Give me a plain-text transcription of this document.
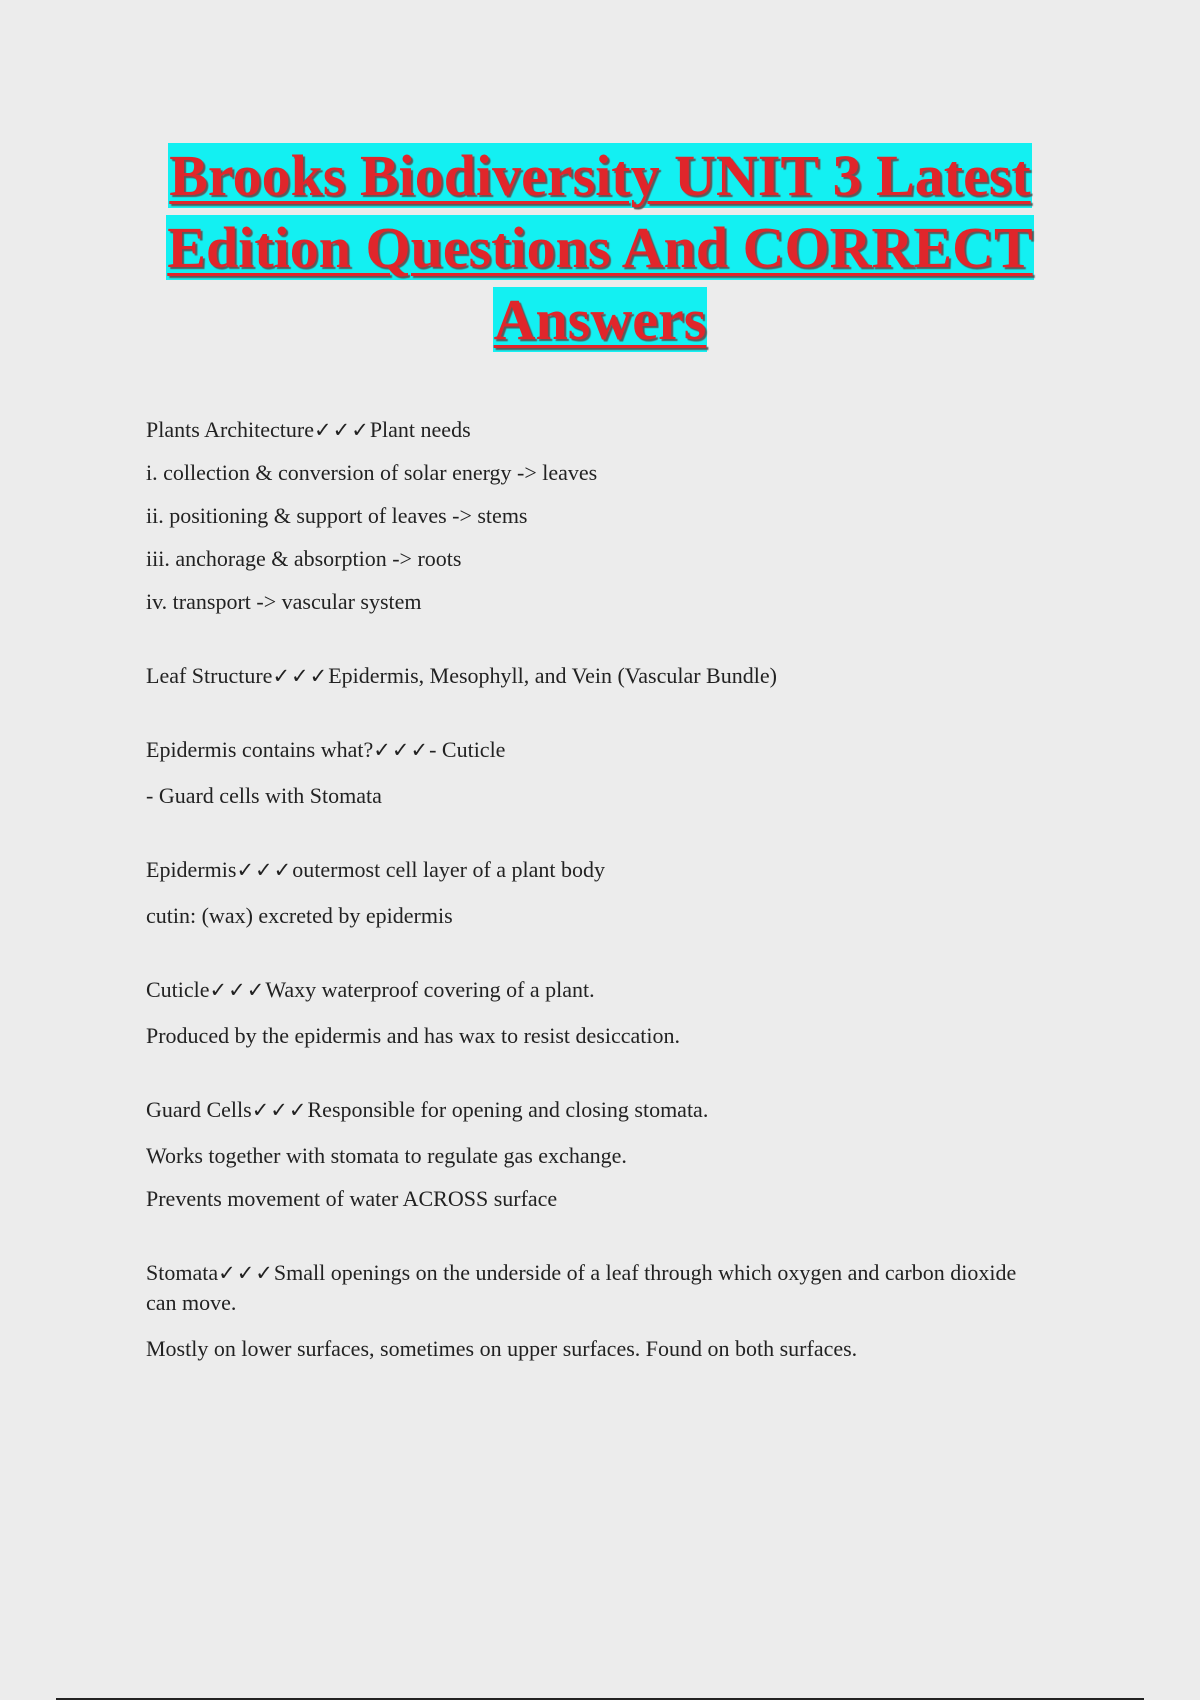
Brooks Biodiversity UNIT 3 Latest
Edition Questions And CORRECT
Answers
Plants Architecture✓✓✓Plant needs
i. collection & conversion of solar energy -> leaves
ii. positioning & support of leaves -> stems
iii. anchorage & absorption -> roots
iv. transport -> vascular system
Leaf Structure✓✓✓Epidermis, Mesophyll, and Vein (Vascular Bundle)
Epidermis contains what?✓✓✓- Cuticle
- Guard cells with Stomata
Epidermis✓✓✓outermost cell layer of a plant body
cutin: (wax) excreted by epidermis
Cuticle✓✓✓Waxy waterproof covering of a plant.
Produced by the epidermis and has wax to resist desiccation.
Guard Cells✓✓✓Responsible for opening and closing stomata.
Works together with stomata to regulate gas exchange.
Prevents movement of water ACROSS surface
Stomata✓✓✓Small openings on the underside of a leaf through which oxygen and carbon dioxide can move.
Mostly on lower surfaces, sometimes on upper surfaces. Found on both surfaces.
